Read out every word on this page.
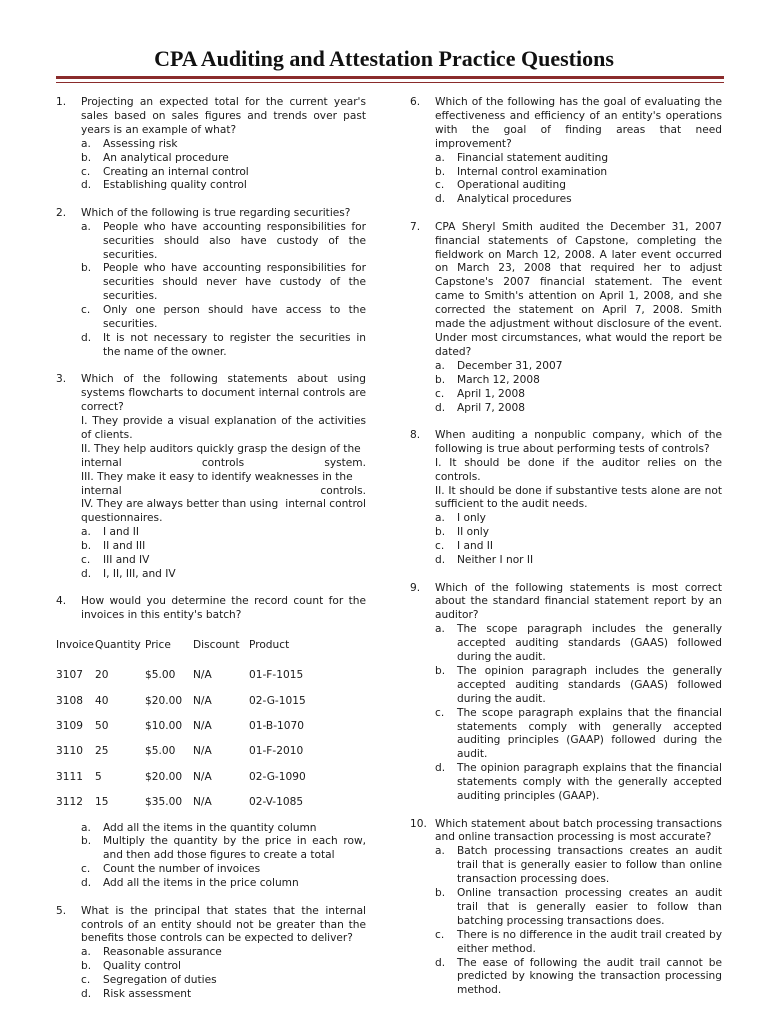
CPA Auditing and Attestation Practice Questions
1.	Projecting an expected total for the current year's sales based on sales figures and trends over past years is an example of what?
a.	Assessing risk
b.	An analytical procedure
c.	Creating an internal control
d.	Establishing quality control
2.	Which of the following is true regarding securities?
a.	People who have accounting responsibilities for securities should also have custody of the securities.
b.	People who have accounting responsibilities for securities should never have custody of the securities.
c.	Only one person should have access to the securities.
d.	It is not necessary to register the securities in the name of the owner.
3.	Which of the following statements about using systems flowcharts to document internal controls are correct?
I. They provide a visual explanation of the activities of clients.
II. They help auditors quickly grasp the design of the
internal	controls	system.
III. They make it easy to identify weaknesses in the
internal	controls.
IV. They are always better than using internal control
questionnaires.
a.	I and II
b.	II and III
c.	III and IV
d.	I, II, III, and IV
4.	How would you determine the record count for the invoices in this entity's batch?
Invoice	Quantity	Price	Discount	Product
3107	20	$5.00	N/A	01-F-1015
3108	40	$20.00	N/A	02-G-1015
3109	50	$10.00	N/A	01-B-1070
3110	25	$5.00	N/A	01-F-2010
3111	5	$20.00	N/A	02-G-1090
3112	15	$35.00	N/A	02-V-1085
a.	Add all the items in the quantity column
b.	Multiply the quantity by the price in each row, and then add those figures to create a total
c.	Count the number of invoices
d.	Add all the items in the price column
5.	What is the principal that states that the internal controls of an entity should not be greater than the benefits those controls can be expected to deliver?
a.	Reasonable assurance
b.	Quality control
c.	Segregation of duties
d.	Risk assessment
6.	Which of the following has the goal of evaluating the effectiveness and efficiency of an entity's operations with the goal of finding areas that need improvement?
a.	Financial statement auditing
b.	Internal control examination
c.	Operational auditing
d.	Analytical procedures
7.	CPA Sheryl Smith audited the December 31, 2007 financial statements of Capstone, completing the fieldwork on March 12, 2008. A later event occurred on March 23, 2008 that required her to adjust Capstone's 2007 financial statement. The event came to Smith's attention on April 1, 2008, and she corrected the statement on April 7, 2008. Smith made the adjustment without disclosure of the event. Under most circumstances, what would the report be dated?
a.	December 31, 2007
b.	March 12, 2008
c.	April 1, 2008
d.	April 7, 2008
8.	When auditing a nonpublic company, which of the following is true about performing tests of controls?
I. It should be done if the auditor relies on the controls.
II. It should be done if substantive tests alone are not sufficient to the audit needs.
a.	I only
b.	II only
c.	I and II
d.	Neither I nor II
9.	Which of the following statements is most correct about the standard financial statement report by an auditor?
a.	The scope paragraph includes the generally accepted auditing standards (GAAS) followed during the audit.
b.	The opinion paragraph includes the generally accepted auditing standards (GAAS) followed during the audit.
c.	The scope paragraph explains that the financial statements comply with generally accepted auditing principles (GAAP) followed during the audit.
d.	The opinion paragraph explains that the financial statements comply with the generally accepted auditing principles (GAAP).
10. Which statement about batch processing transactions and online transaction processing is most accurate?
a.	Batch processing transactions creates an audit trail that is generally easier to follow than online transaction processing does.
b.	Online transaction processing creates an audit trail that is generally easier to follow than batching processing transactions does.
c.	There is no difference in the audit trail created by either method.
d.	The ease of following the audit trail cannot be predicted by knowing the transaction processing method.
